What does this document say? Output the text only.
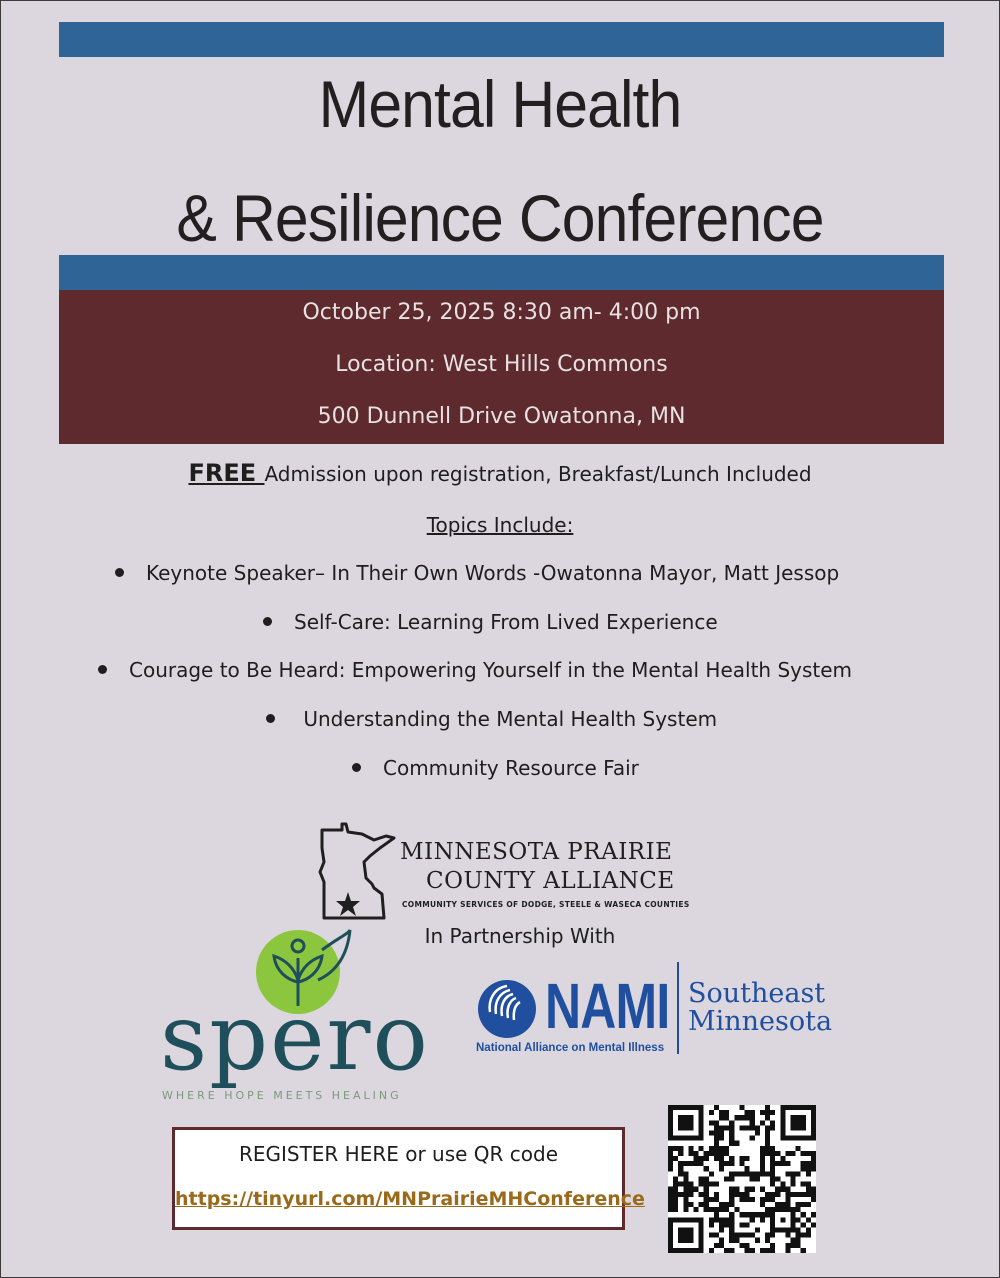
Mental Health
& Resilience Conference
October 25, 2025 8:30 am- 4:00 pm
Location: West Hills Commons
500 Dunnell Drive Owatonna, MN
FREE Admission upon registration, Breakfast/Lunch Included
Topics Include:
Keynote Speaker– In Their Own Words -Owatonna Mayor, Matt Jessop
Self-Care: Learning From Lived Experience
Courage to Be Heard: Empowering Yourself in the Mental Health System
Understanding the Mental Health System
Community Resource Fair
MINNESOTA PRAIRIE
COUNTY ALLIANCE
COMMUNITY SERVICES OF DODGE, STEELE & WASECA COUNTIES
In Partnership With
spero
WHERE HOPE MEETS HEALING
NAMI
National Alliance on Mental Illness
Southeast
Minnesota
REGISTER HERE or use QR code
https://tinyurl.com/MNPrairieMHConference
